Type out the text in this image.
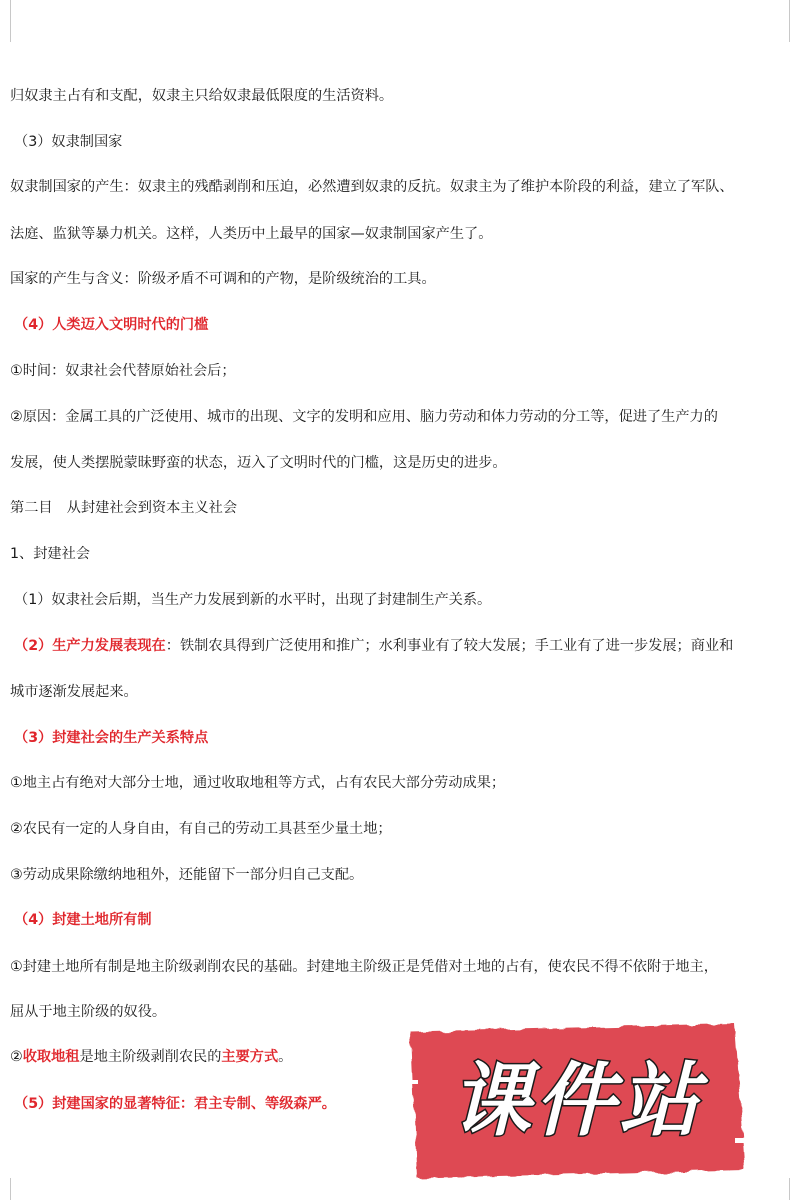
归奴隶主占有和支配，奴隶主只给奴隶最低限度的生活资料。
（3）奴隶制国家
奴隶制国家的产生：奴隶主的残酷剥削和压迫，必然遭到奴隶的反抗。奴隶主为了维护本阶段的利益，建立了军队、
法庭、监狱等暴力机关。这样，人类历中上最早的国家—奴隶制国家产生了。
国家的产生与含义：阶级矛盾不可调和的产物，是阶级统治的工具。
（4）人类迈入文明时代的门槛
①时间：奴隶社会代替原始社会后；
②原因：金属工具的广泛使用、城市的出现、文字的发明和应用、脑力劳动和体力劳动的分工等，促进了生产力的
发展，使人类摆脱蒙昧野蛮的状态，迈入了文明时代的门槛，这是历史的进步。
第二目　从封建社会到资本主义社会
1、封建社会
（1）奴隶社会后期，当生产力发展到新的水平时，出现了封建制生产关系。
（2）生产力发展表现在：铁制农具得到广泛使用和推广；水利事业有了较大发展；手工业有了进一步发展；商业和
城市逐渐发展起来。
（3）封建社会的生产关系特点
①地主占有绝对大部分士地，通过收取地租等方式，占有农民大部分劳动成果；
②农民有一定的人身自由，有自己的劳动工具甚至少量土地；
③劳动成果除缴纳地租外，还能留下一部分归自己支配。
（4）封建土地所有制
①封建土地所有制是地主阶级剥削农民的基础。封建地主阶级正是凭借对土地的占有，使农民不得不依附于地主，
屈从于地主阶级的奴役。
②收取地租是地主阶级剥削农民的主要方式。
（5）封建国家的显著特征：君主专制、等级森严。	课件站
